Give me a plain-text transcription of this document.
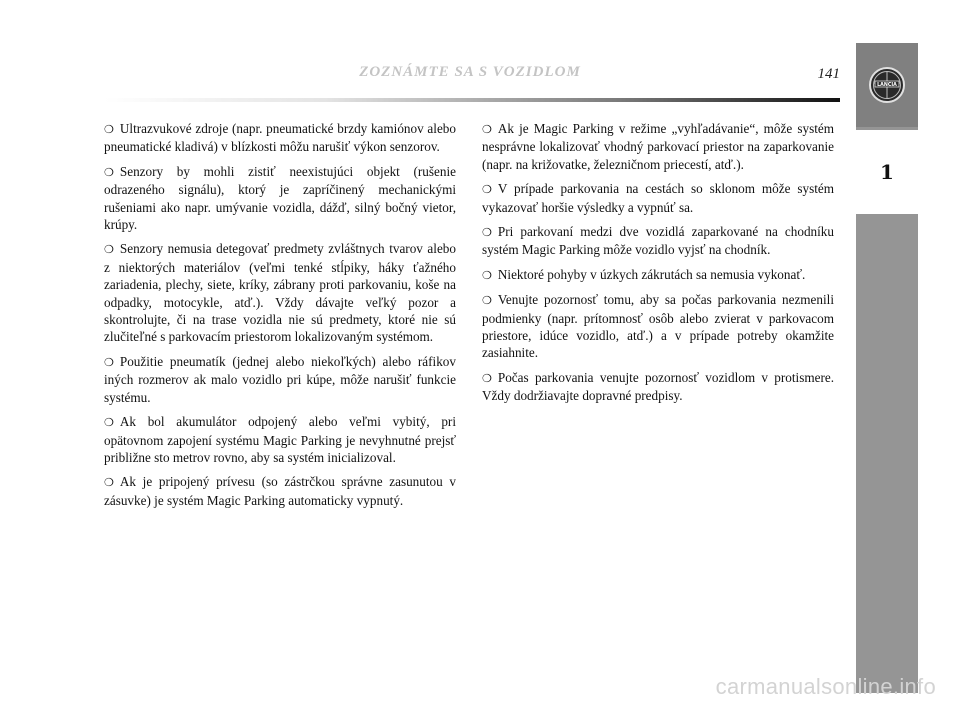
ZOZNÁMTE SA S VOZIDLOM	141
LANCIA
1

❍ Ultrazvukové zdroje (napr. pneumatické brzdy kamiónov alebo pneumatické kladivá) v blízkosti môžu narušiť výkon senzorov.

❍ Senzory by mohli zistiť neexistujúci objekt (rušenie odrazeného signálu), ktorý je zapríčinený mechanickými rušeniami ako napr. umývanie vozidla, dážď, silný bočný vietor, krúpy.

❍ Senzory nemusia detegovať predmety zvláštnych tvarov alebo z niektorých materiálov (veľmi tenké stĺpiky, háky ťažného zariadenia, plechy, siete, kríky, zábrany proti parkovaniu, koše na odpadky, motocykle, atď.). Vždy dávajte veľký pozor a skontrolujte, či na trase vozidla nie sú predmety, ktoré nie sú zlučiteľné s parkovacím priestorom lokalizovaným systémom.

❍ Použitie pneumatík (jednej alebo niekoľkých) alebo ráfikov iných rozmerov ak malo vozidlo pri kúpe, môže narušiť funkcie systému.

❍ Ak bol akumulátor odpojený alebo veľmi vybitý, pri opätovnom zapojení systému Magic Parking je nevyhnutné prejsť približne sto metrov rovno, aby sa systém inicializoval.

❍ Ak je pripojený prívesu (so zástrčkou správne zasunutou v zásuvke) je systém Magic Parking automaticky vypnutý.

❍ Ak je Magic Parking v režime „vyhľadávanie“, môže systém nesprávne lokalizovať vhodný parkovací priestor na zaparkovanie (napr. na križovatke, železničnom priecestí, atď.).

❍ V prípade parkovania na cestách so sklonom môže systém vykazovať horšie výsledky a vypnúť sa.

❍ Pri parkovaní medzi dve vozidlá zaparkované na chodníku systém Magic Parking môže vozidlo vyjsť na chodník.

❍ Niektoré pohyby v úzkych zákrutách sa nemusia vykonať.

❍ Venujte pozornosť tomu, aby sa počas parkovania nezmenili podmienky (napr. prítomnosť osôb alebo zvierat v parkovacom priestore, idúce vozidlo, atď.) a v prípade potreby okamžite zasiahnite.

❍ Počas parkovania venujte pozornosť vozidlom v protismere. Vždy dodržiavajte dopravné predpisy.

carmanualsonline.info
